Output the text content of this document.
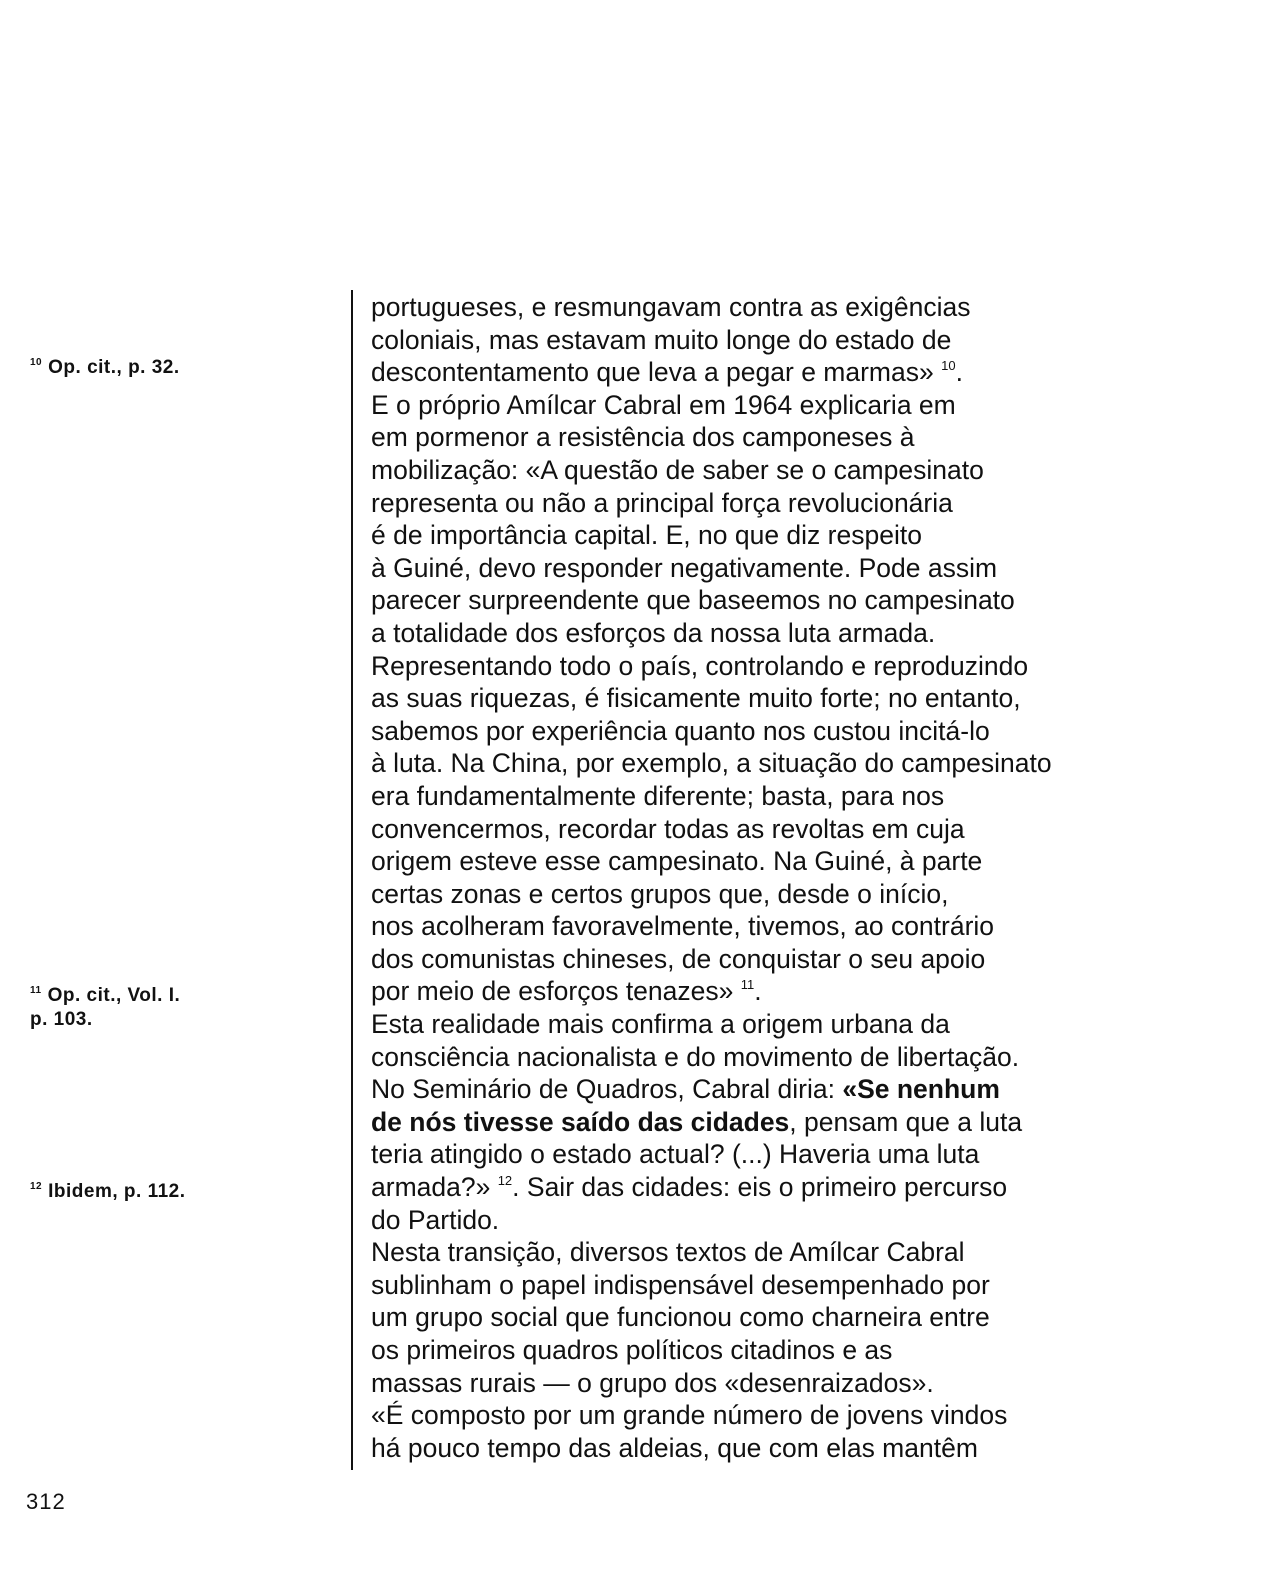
$^{10}$ Op. cit., p. 32.
$^{11}$ Op. cit., Vol. I.
p. 103.
$^{12}$ Ibidem, p. 112.
portugueses, e resmungavam contra as exigências
coloniais, mas estavam muito longe do estado de
descontentamento que leva a pegar e marmas» $^{10}$.
E o próprio Amílcar Cabral em 1964 explicaria em
em pormenor a resistência dos camponeses à
mobilização: «A questão de saber se o campesinato
representa ou não a principal força revolucionária
é de importância capital. E, no que diz respeito
à Guiné, devo responder negativamente. Pode assim
parecer surpreendente que baseemos no campesinato
a totalidade dos esforços da nossa luta armada.
Representando todo o país, controlando e reproduzindo
as suas riquezas, é fisicamente muito forte; no entanto,
sabemos por experiência quanto nos custou incitá-lo
à luta. Na China, por exemplo, a situação do campesinato
era fundamentalmente diferente; basta, para nos
convencermos, recordar todas as revoltas em cuja
origem esteve esse campesinato. Na Guiné, à parte
certas zonas e certos grupos que, desde o início,
nos acolheram favoravelmente, tivemos, ao contrário
dos comunistas chineses, de conquistar o seu apoio
por meio de esforços tenazes» $^{11}$.
Esta realidade mais confirma a origem urbana da
consciência nacionalista e do movimento de libertação.
No Seminário de Quadros, Cabral diria: «Se nenhum
de nós tivesse saído das cidades, pensam que a luta
teria atingido o estado actual? (...) Haveria uma luta
armada?» $^{12}$. Sair das cidades: eis o primeiro percurso
do Partido.
Nesta transição, diversos textos de Amílcar Cabral
sublinham o papel indispensável desempenhado por
um grupo social que funcionou como charneira entre
os primeiros quadros políticos citadinos e as
massas rurais — o grupo dos «desenraizados».
«É composto por um grande número de jovens vindos
há pouco tempo das aldeias, que com elas mantêm
312
